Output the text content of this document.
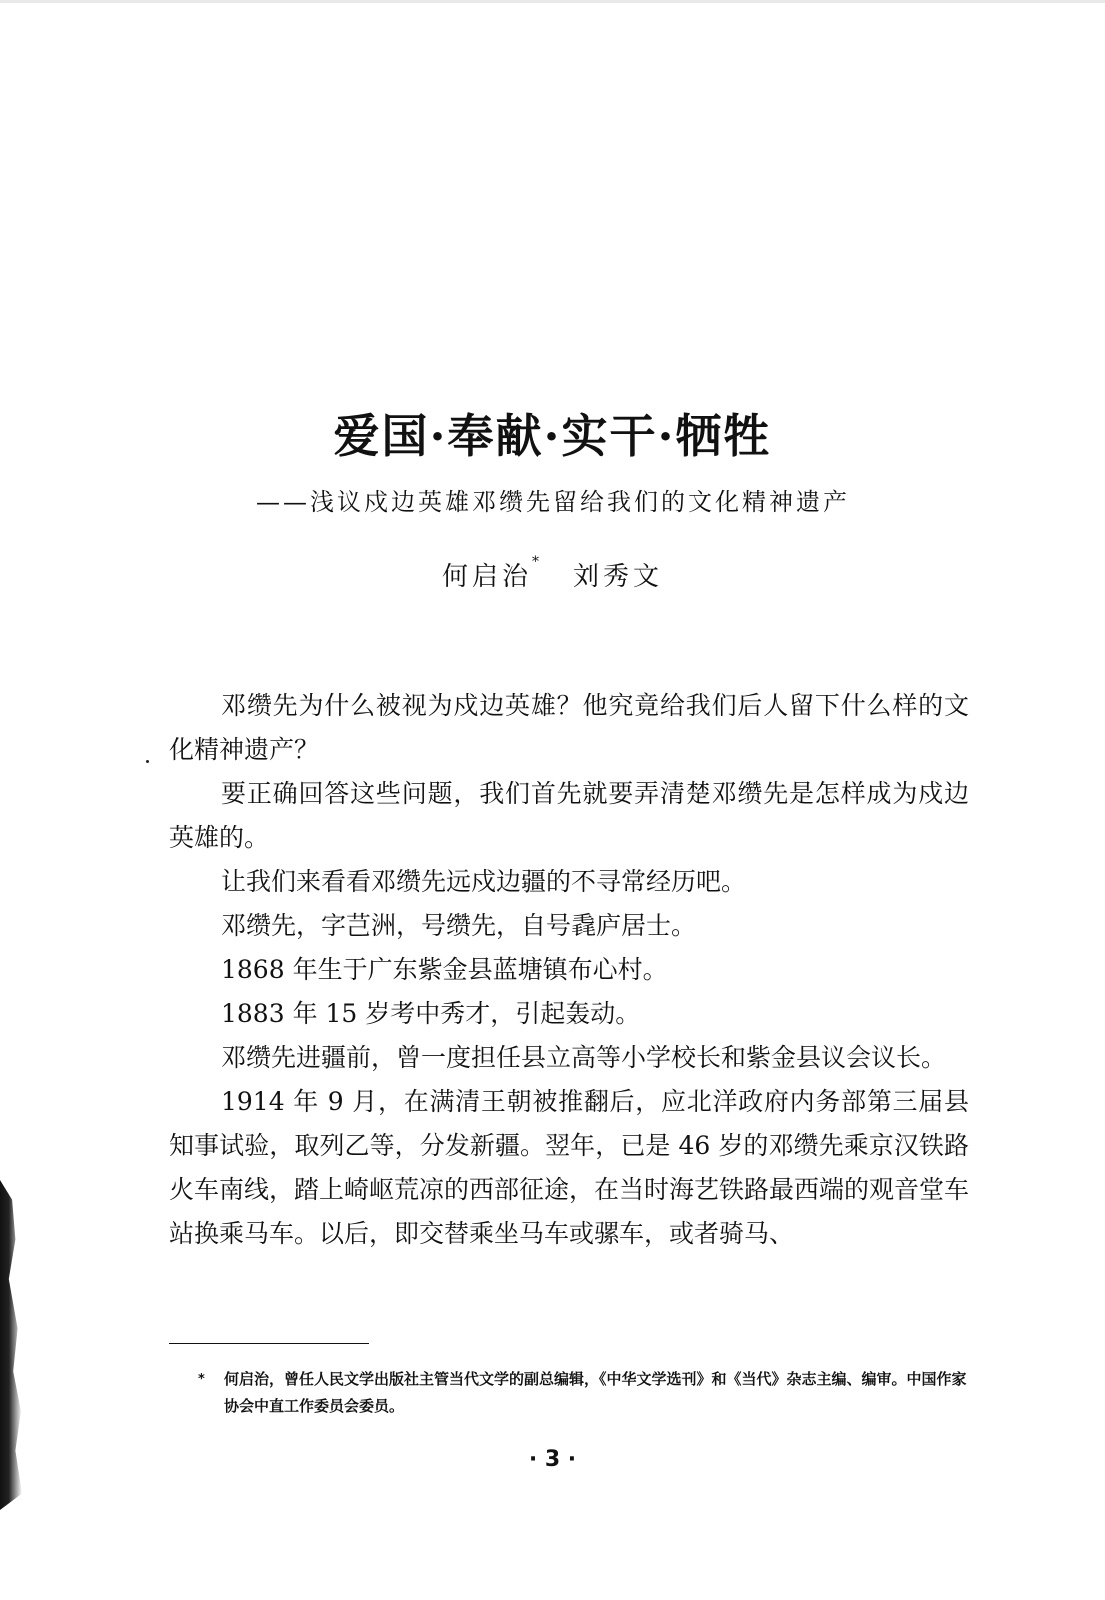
爱国·奉献·实干·牺牲
——浅议戍边英雄邓缵先留给我们的文化精神遗产
何启治* 刘秀文

邓缵先为什么被视为戍边英雄？他究竟给我们后人留下什么样的文化精神遗产？

要正确回答这些问题，我们首先就要弄清楚邓缵先是怎样成为戍边英雄的。

让我们来看看邓缵先远戍边疆的不寻常经历吧。

邓缵先，字芑洲，号缵先，自号毳庐居士。

1868 年生于广东紫金县蓝塘镇布心村。

1883 年 15 岁考中秀才，引起轰动。

邓缵先进疆前，曾一度担任县立高等小学校长和紫金县议会议长。

1914 年 9 月，在满清王朝被推翻后，应北洋政府内务部第三届县知事试验，取列乙等，分发新疆。翌年，已是 46 岁的邓缵先乘京汉铁路火车南线，踏上崎岖荒凉的西部征途，在当时海艺铁路最西端的观音堂车站换乘马车。以后，即交替乘坐马车或骡车，或者骑马、

*	何启治，曾任人民文学出版社主管当代文学的副总编辑，《中华文学选刊》和《当代》杂志主编、编审。中国作家协会中直工作委员会委员。
· 3 ·
